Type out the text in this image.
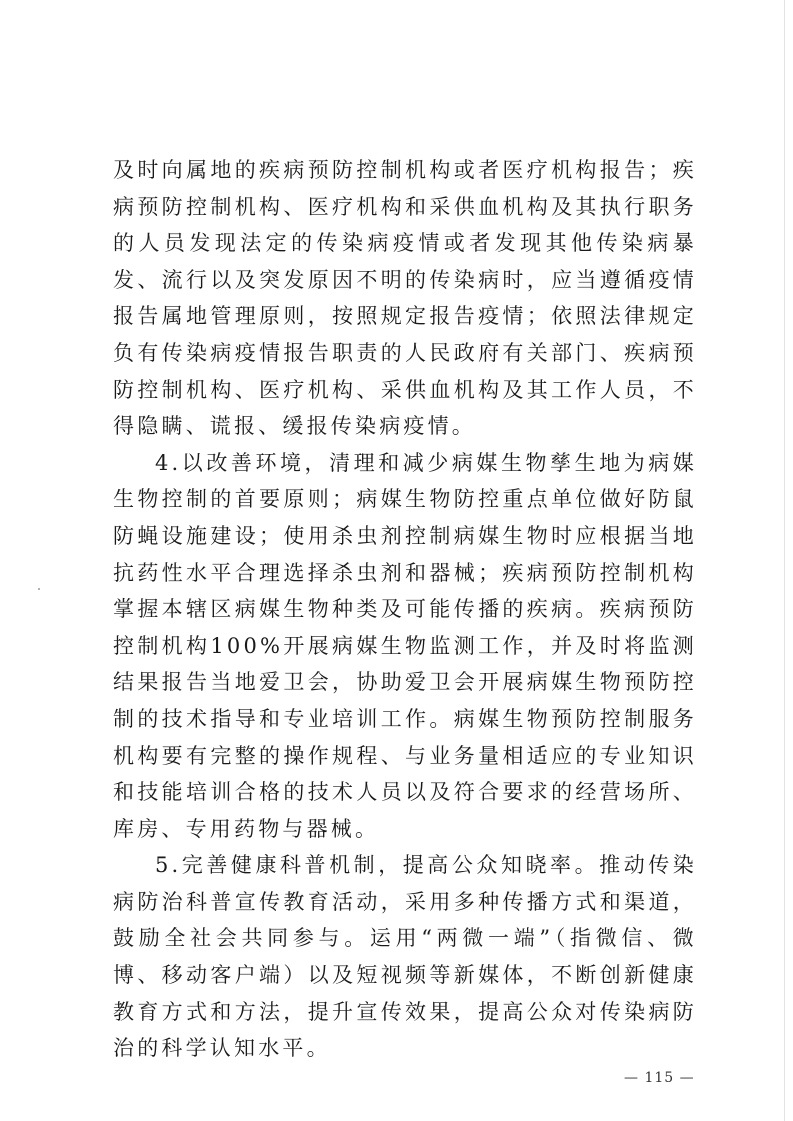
及时向属地的疾病预防控制机构或者医疗机构报告；疾病预防控制机构、医疗机构和采供血机构及其执行职务的人员发现法定的传染病疫情或者发现其他传染病暴发、流行以及突发原因不明的传染病时，应当遵循疫情报告属地管理原则，按照规定报告疫情；依照法律规定负有传染病疫情报告职责的人民政府有关部门、疾病预防控制机构、医疗机构、采供血机构及其工作人员，不得隐瞒、谎报、缓报传染病疫情。

4.以改善环境，清理和减少病媒生物孳生地为病媒生物控制的首要原则；病媒生物防控重点单位做好防鼠防蝇设施建设；使用杀虫剂控制病媒生物时应根据当地抗药性水平合理选择杀虫剂和器械；疾病预防控制机构掌握本辖区病媒生物种类及可能传播的疾病。疾病预防控制机构100%开展病媒生物监测工作，并及时将监测结果报告当地爱卫会，协助爱卫会开展病媒生物预防控制的技术指导和专业培训工作。病媒生物预防控制服务机构要有完整的操作规程、与业务量相适应的专业知识和技能培训合格的技术人员以及符合要求的经营场所、库房、专用药物与器械。

5.完善健康科普机制，提高公众知晓率。推动传染病防治科普宣传教育活动，采用多种传播方式和渠道，鼓励全社会共同参与。运用“两微一端”（指微信、微博、移动客户端）以及短视频等新媒体，不断创新健康教育方式和方法，提升宣传效果，提高公众对传染病防治的科学认知水平。

— 115 —
